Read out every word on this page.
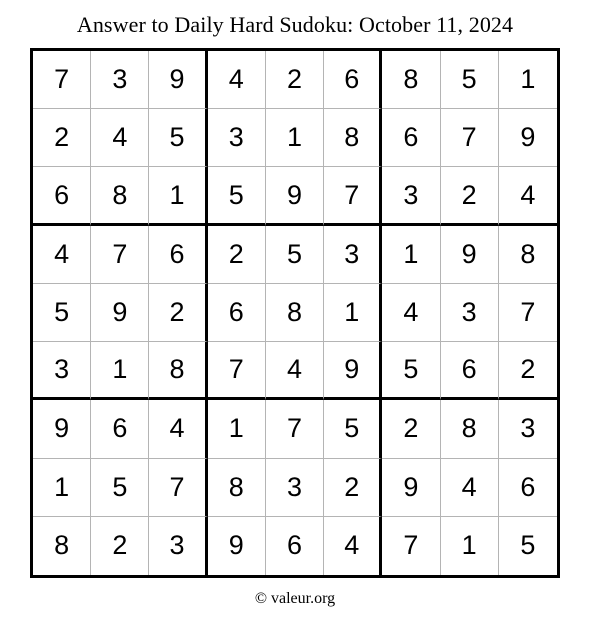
Answer to Daily Hard Sudoku: October 11, 2024
7	3	9	4	2	6	8	5	1
2	4	5	3	1	8	6	7	9
6	8	1	5	9	7	3	2	4
4	7	6	2	5	3	1	9	8
5	9	2	6	8	1	4	3	7
3	1	8	7	4	9	5	6	2
9	6	4	1	7	5	2	8	3
1	5	7	8	3	2	9	4	6
8	2	3	9	6	4	7	1	5
© valeur.org
